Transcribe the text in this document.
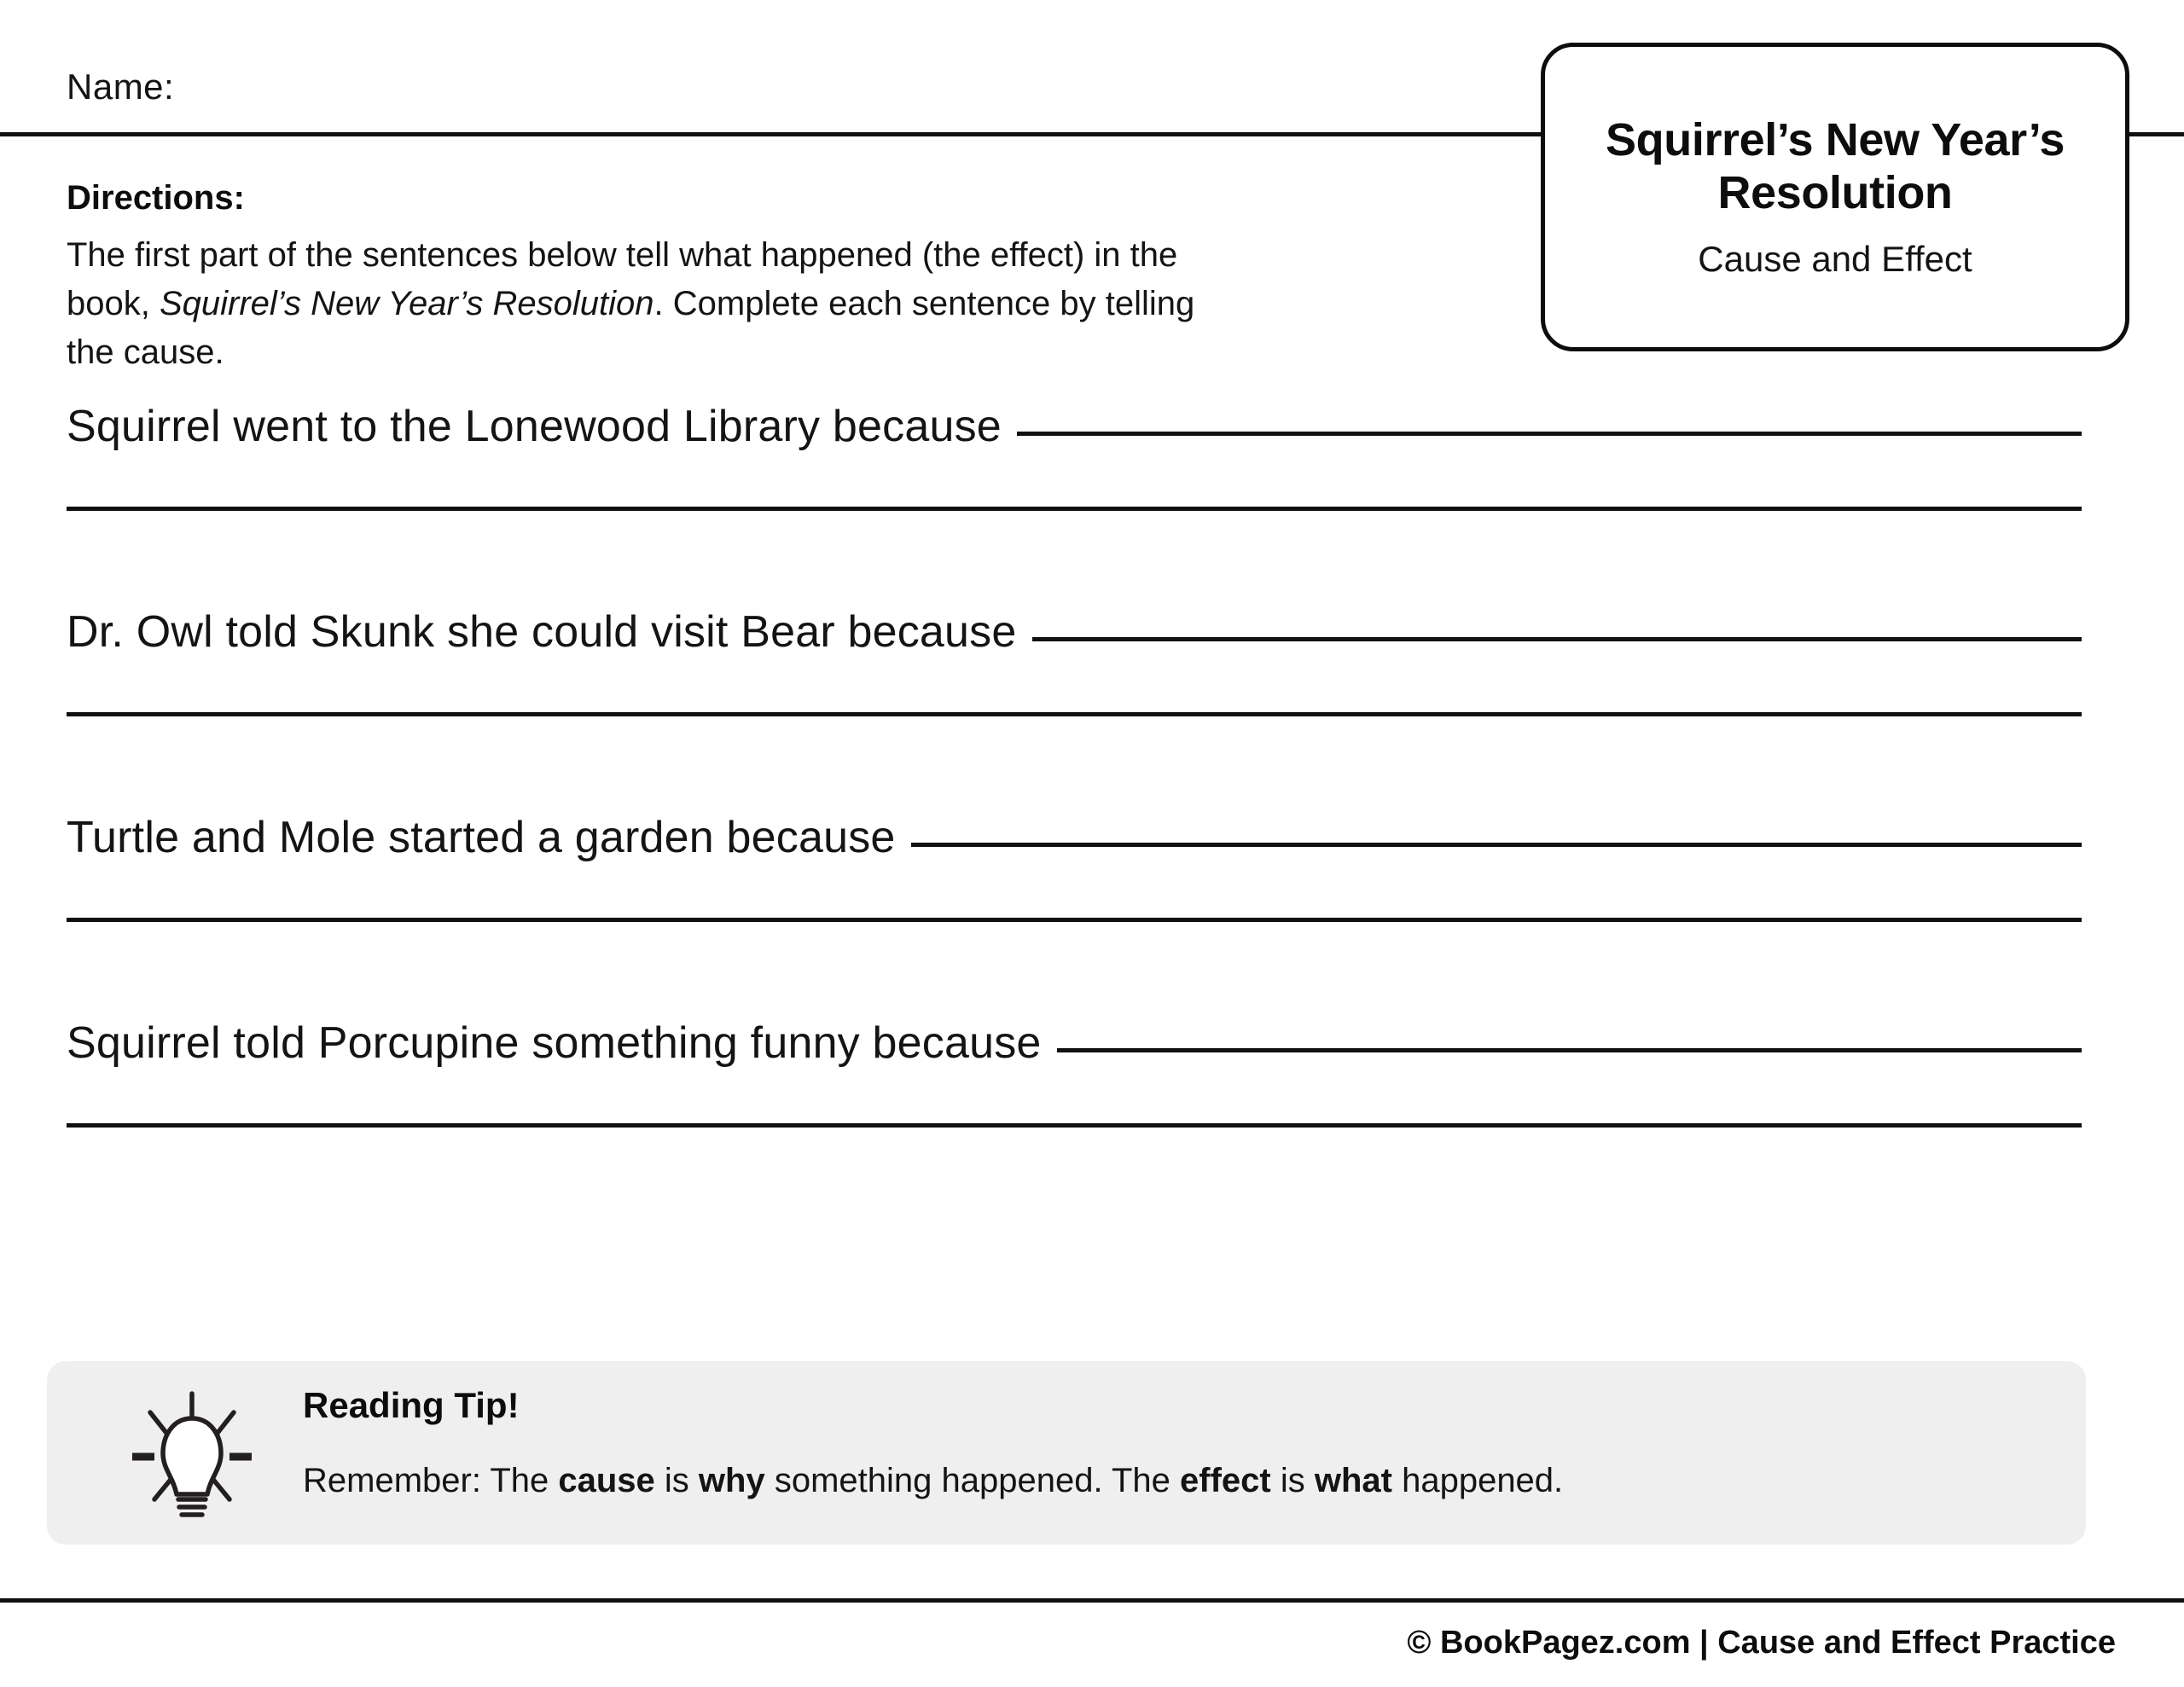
Name:
Directions:
The first part of the sentences below tell what happened (the effect) in the
book, Squirrel’s New Year’s Resolution. Complete each sentence by telling
the cause.
Squirrel’s New Year’s Resolution
Cause and Effect
Squirrel went to the Lonewood Library because
Dr. Owl told Skunk she could visit Bear because
Turtle and Mole started a garden because
Squirrel told Porcupine something funny because
Reading Tip!
Remember: The cause is why something happened. The effect is what happened.
© BookPagez.com | Cause and Effect Practice
